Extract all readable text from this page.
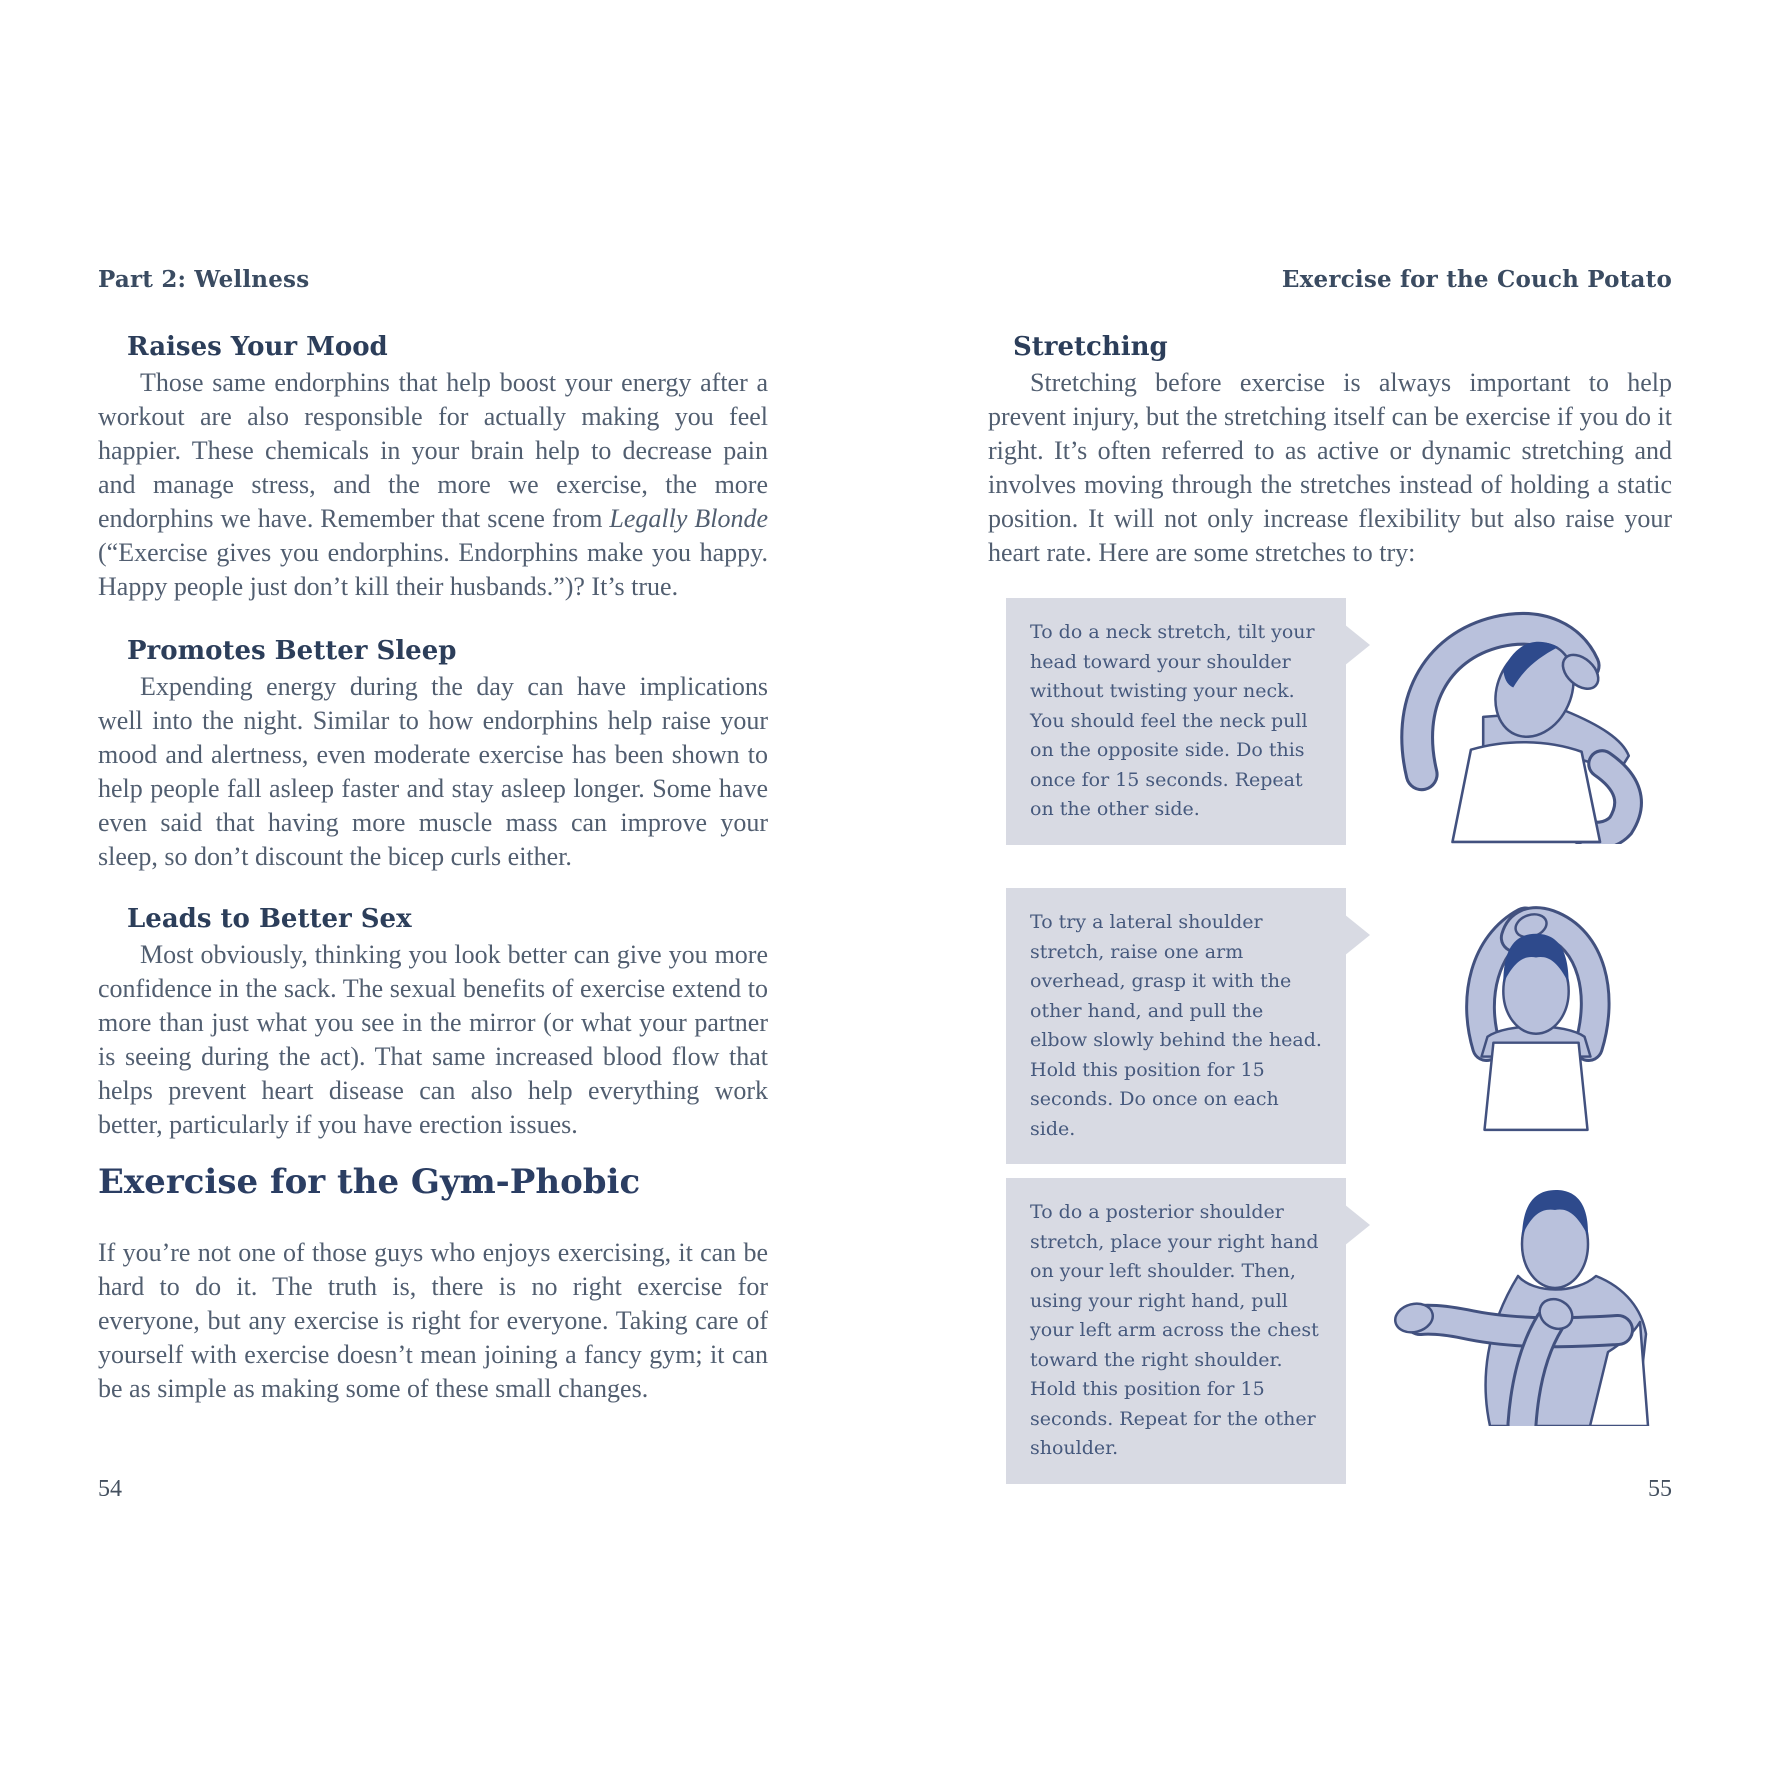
Part 2: Wellness
Raises Your Mood

Those same endorphins that help boost your energy after a workout are also responsible for actually making you feel happier. These chemicals in your brain help to decrease pain and manage stress, and the more we exercise, the more endorphins we have. Remember that scene from Legally Blonde (“Exercise gives you endorphins. Endorphins make you happy. Happy people just don’t kill their husbands.”)? It’s true.

Promotes Better Sleep

Expending energy during the day can have implications well into the night. Similar to how endorphins help raise your mood and alertness, even moderate exercise has been shown to help people fall asleep faster and stay asleep longer. Some have even said that having more muscle mass can improve your sleep, so don’t discount the bicep curls either.

Leads to Better Sex

Most obviously, thinking you look better can give you more confidence in the sack. The sexual benefits of exercise extend to more than just what you see in the mirror (or what your partner is seeing during the act). That same increased blood flow that helps prevent heart disease can also help everything work better, particularly if you have erection issues.

Exercise for the Gym-Phobic

If you’re not one of those guys who enjoys exercising, it can be hard to do it. The truth is, there is no right exercise for everyone, but any exercise is right for everyone. Taking care of yourself with exercise doesn’t mean joining a fancy gym; it can be as simple as making some of these small changes.

54
Exercise for the Couch Potato
Stretching

Stretching before exercise is always important to help prevent injury, but the stretching itself can be exercise if you do it right. It’s often referred to as active or dynamic stretching and involves moving through the stretches instead of holding a static position. It will not only increase flexibility but also raise your heart rate. Here are some stretches to try:

To do a neck stretch, tilt your head toward your shoulder without twisting your neck. You should feel the neck pull on the opposite side. Do this once for 15 seconds. Repeat on the other side.
To try a lateral shoulder stretch, raise one arm overhead, grasp it with the other hand, and pull the elbow slowly behind the head. Hold this position for 15 seconds. Do once on each side.
To do a posterior shoulder stretch, place your right hand on your left shoulder. Then, using your right hand, pull your left arm across the chest toward the right shoulder. Hold this position for 15 seconds. Repeat for the other shoulder.
55
